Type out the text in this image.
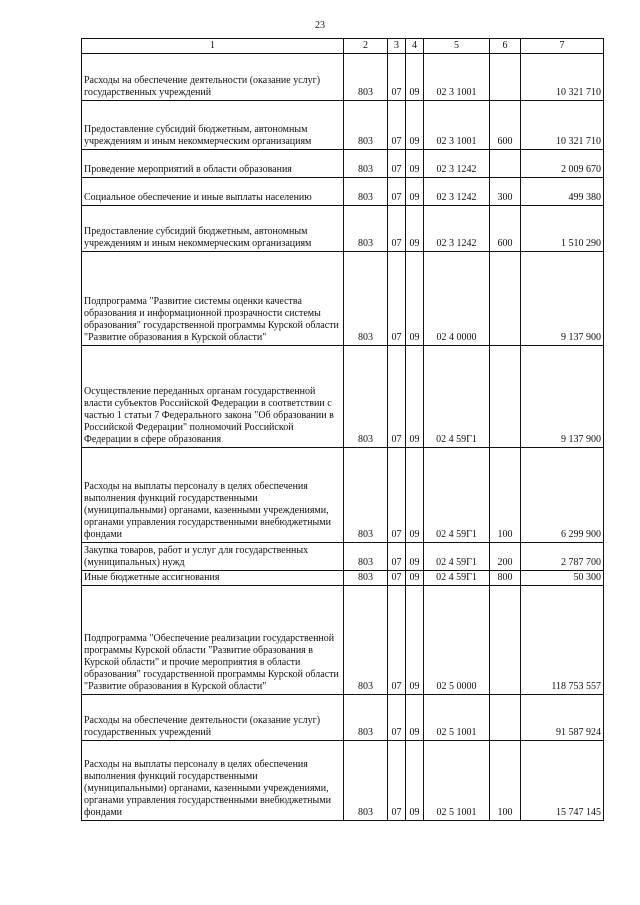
23
1	2	3	4	5	6	7
Расходы на обеспечение деятельности (оказание услуг) государственных учреждений	803	07	09	02 3 1001		10 321 710
Предоставление субсидий бюджетным, автономным учреждениям и иным некоммерческим организациям	803	07	09	02 3 1001	600	10 321 710
Проведение мероприятий в области образования	803	07	09	02 3 1242		2 009 670
Социальное обеспечение и иные выплаты населению	803	07	09	02 3 1242	300	499 380
Предоставление субсидий бюджетным, автономным учреждениям и иным некоммерческим организациям	803	07	09	02 3 1242	600	1 510 290
Подпрограмма "Развитие системы оценки качества образования и информационной прозрачности системы образования" государственной программы Курской области "Развитие образования в Курской области"	803	07	09	02 4 0000		9 137 900
Осуществление переданных органам государственной власти субъектов Российской Федерации в соответствии с частью 1 статьи 7 Федерального закона "Об образовании в Российской Федерации" полномочий Российской Федерации в сфере образования	803	07	09	02 4 59Г1		9 137 900
Расходы на выплаты персоналу в целях обеспечения выполнения функций государственными (муниципальными) органами, казенными учреждениями, органами управления государственными внебюджетными фондами	803	07	09	02 4 59Г1	100	6 299 900
Закупка товаров, работ и услуг для государственных (муниципальных) нужд	803	07	09	02 4 59Г1	200	2 787 700
Иные бюджетные ассигнования	803	07	09	02 4 59Г1	800	50 300
Подпрограмма "Обеспечение реализации государственной программы Курской области "Развитие образования в Курской области" и прочие мероприятия в области образования" государственной программы Курской области "Развитие образования в Курской области"	803	07	09	02 5 0000		118 753 557
Расходы на обеспечение деятельности (оказание услуг) государственных учреждений	803	07	09	02 5 1001		91 587 924
Расходы на выплаты персоналу в целях обеспечения выполнения функций государственными (муниципальными) органами, казенными учреждениями, органами управления государственными внебюджетными фондами	803	07	09	02 5 1001	100	15 747 145
